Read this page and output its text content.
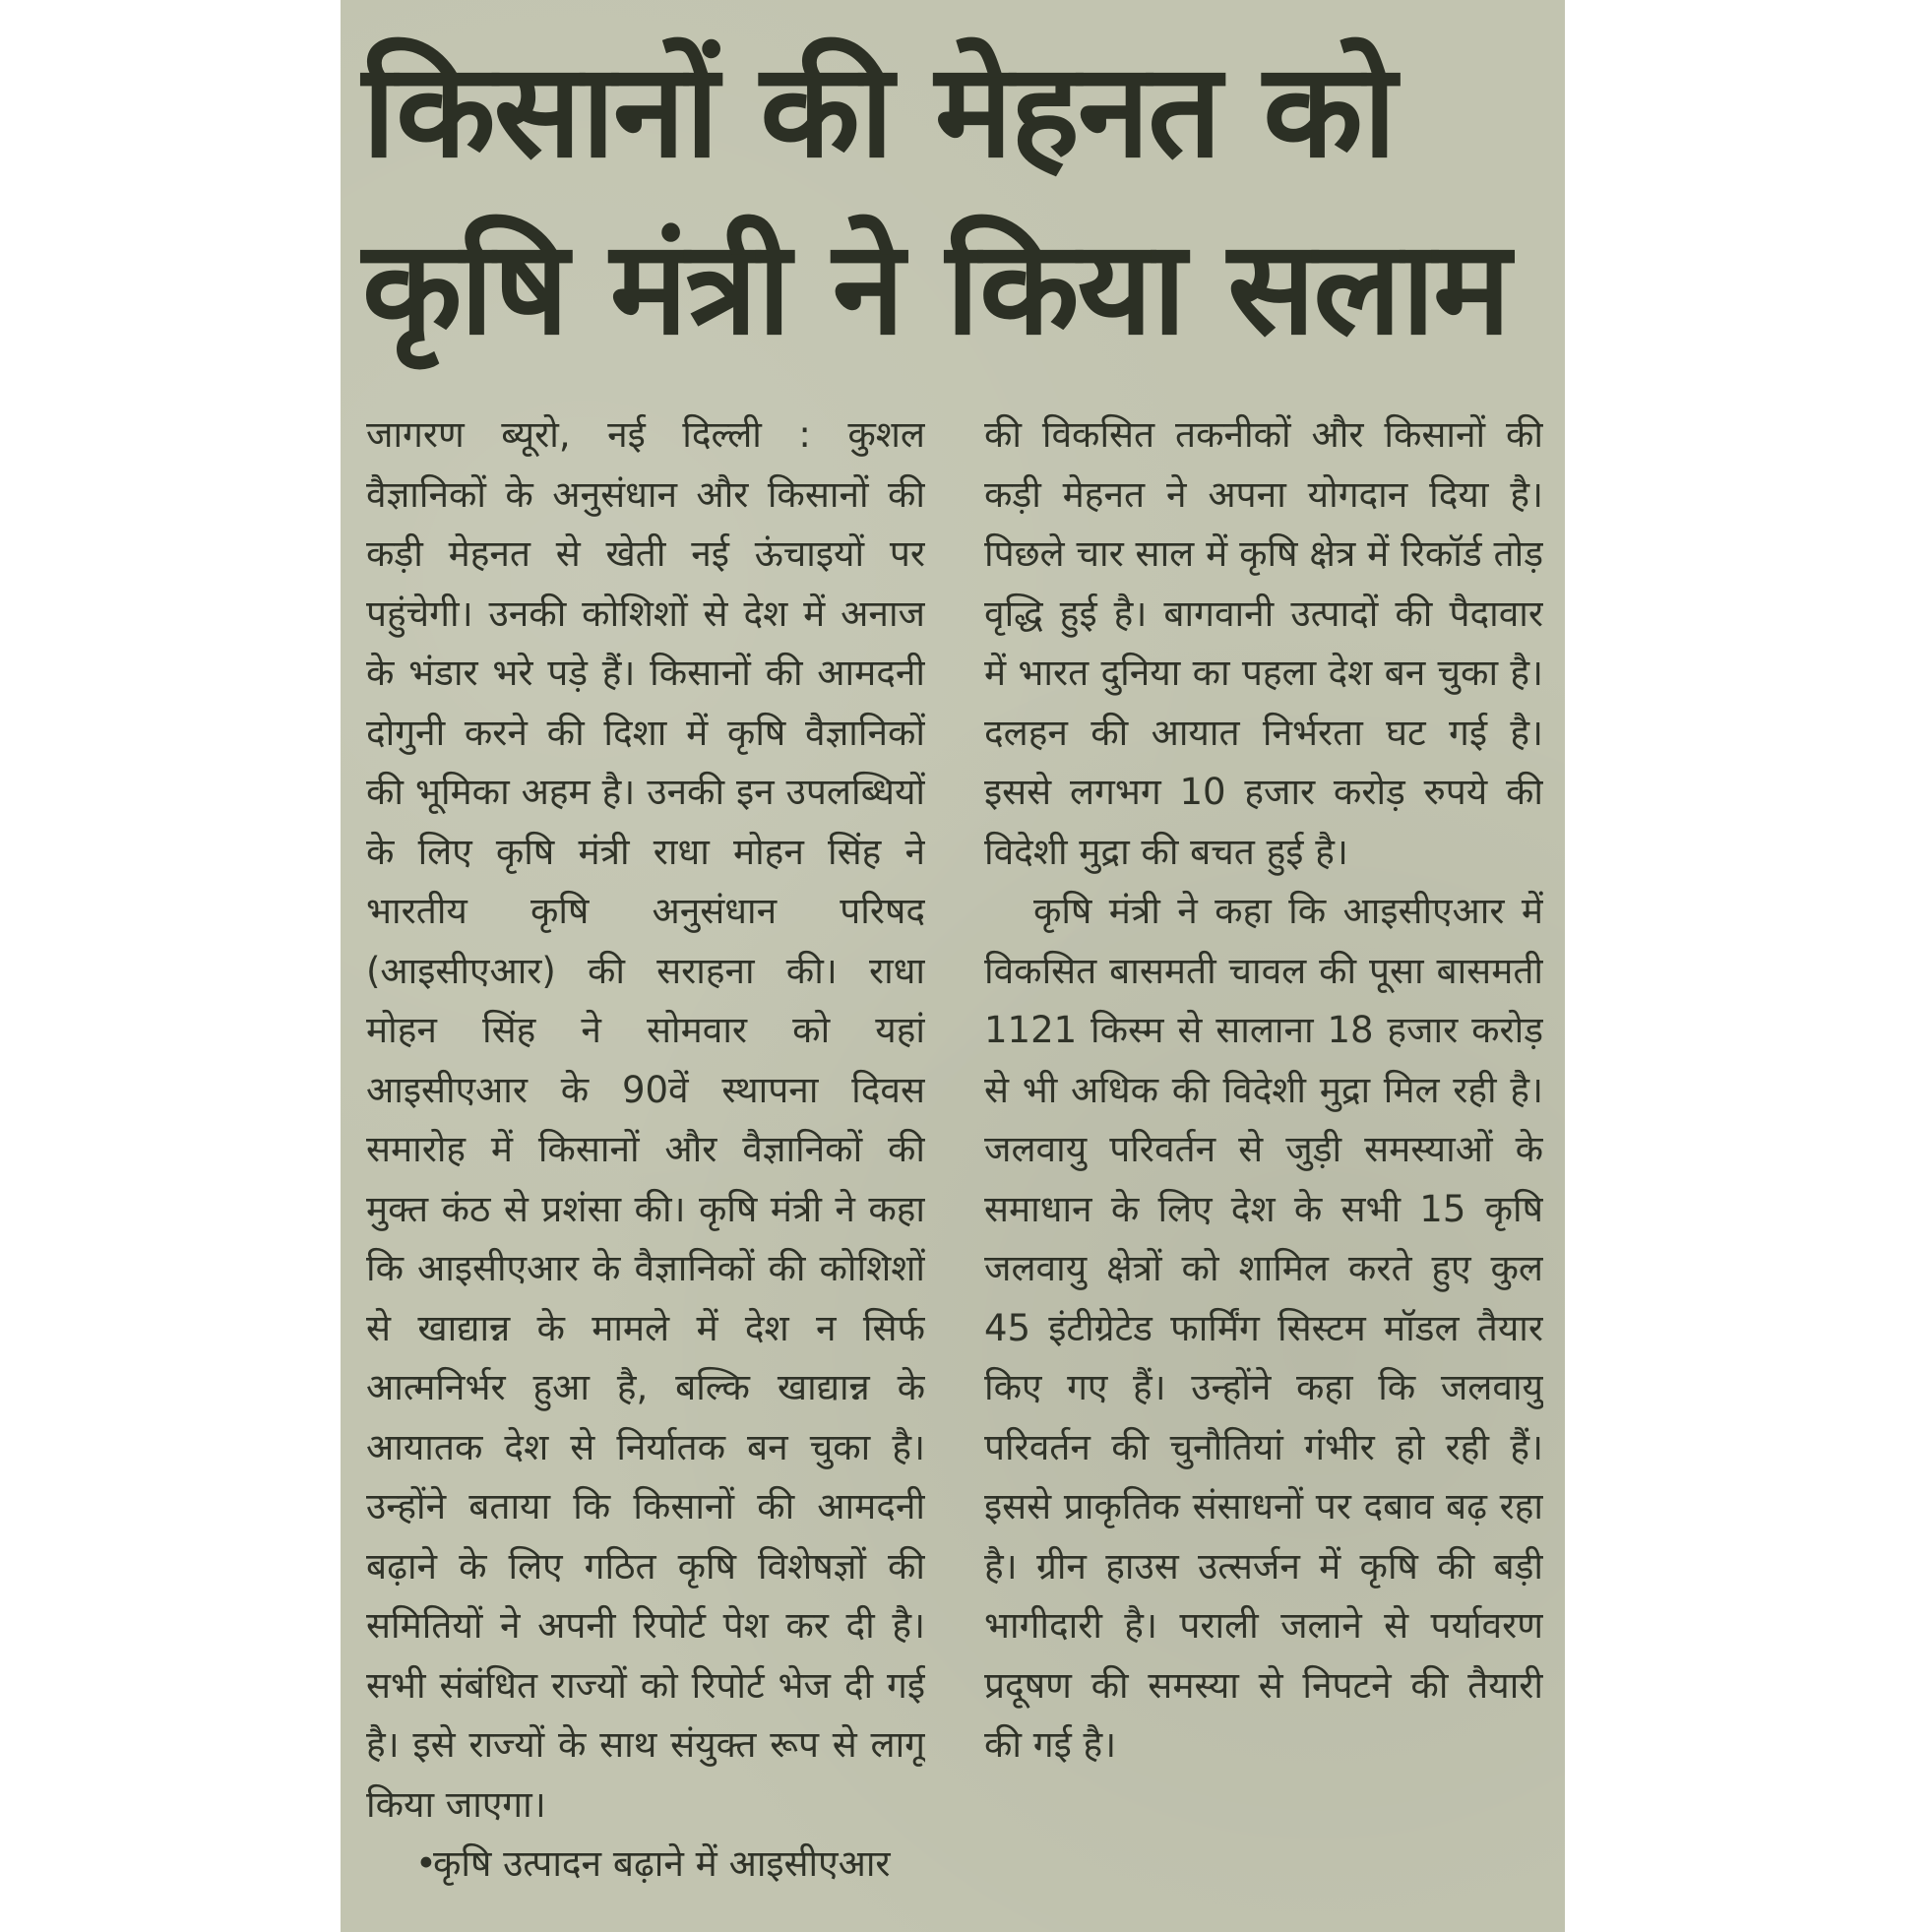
किसानों की मेहनत को
कृषि मंत्री ने किया सलाम

जागरण ब्यूरो, नई दिल्ली : कुशल वैज्ञानिकों के अनुसंधान और किसानों की कड़ी मेहनत से खेती नई ऊंचाइयों पर पहुंचेगी। उनकी कोशिशों से देश में अनाज के भंडार भरे पड़े हैं। किसानों की आमदनी दोगुनी करने की दिशा में कृषि वैज्ञानिकों की भूमिका अहम है। उनकी इन उपलब्धियों के लिए कृषि मंत्री राधा मोहन सिंह ने भारतीय कृषि अनुसंधान परिषद (आइसीएआर) की सराहना की। राधा मोहन सिंह ने सोमवार को यहां आइसीएआर के 90वें स्थापना दिवस समारोह में किसानों और वैज्ञानिकों की मुक्त कंठ से प्रशंसा की। कृषि मंत्री ने कहा कि आइसीएआर के वैज्ञानिकों की कोशिशों से खाद्यान्न के मामले में देश न सिर्फ आत्मनिर्भर हुआ है, बल्कि खाद्यान्न के आयातक देश से निर्यातक बन चुका है। उन्होंने बताया कि किसानों की आमदनी बढ़ाने के लिए गठित कृषि विशेषज्ञों की समितियों ने अपनी रिपोर्ट पेश कर दी है। सभी संबंधित राज्यों को रिपोर्ट भेज दी गई है। इसे राज्यों के साथ संयुक्त रूप से लागू किया जाएगा।

•कृषि उत्पादन बढ़ाने में आइसीएआर

की विकसित तकनीकों और किसानों की कड़ी मेहनत ने अपना योगदान दिया है। पिछले चार साल में कृषि क्षेत्र में रिकॉर्ड तोड़ वृद्धि हुई है। बागवानी उत्पादों की पैदावार में भारत दुनिया का पहला देश बन चुका है। दलहन की आयात निर्भरता घट गई है। इससे लगभग 10 हजार करोड़ रुपये की विदेशी मुद्रा की बचत हुई है।

कृषि मंत्री ने कहा कि आइसीएआर में विकसित बासमती चावल की पूसा बासमती 1121 किस्म से सालाना 18 हजार करोड़ से भी अधिक की विदेशी मुद्रा मिल रही है। जलवायु परिवर्तन से जुड़ी समस्याओं के समाधान के लिए देश के सभी 15 कृषि जलवायु क्षेत्रों को शामिल करते हुए कुल 45 इंटीग्रेटेड फार्मिंग सिस्टम मॉडल तैयार किए गए हैं। उन्होंने कहा कि जलवायु परिवर्तन की चुनौतियां गंभीर हो रही हैं। इससे प्राकृतिक संसाधनों पर दबाव बढ़ रहा है। ग्रीन हाउस उत्सर्जन में कृषि की बड़ी भागीदारी है। पराली जलाने से पर्यावरण प्रदूषण की समस्या से निपटने की तैयारी की गई है।
